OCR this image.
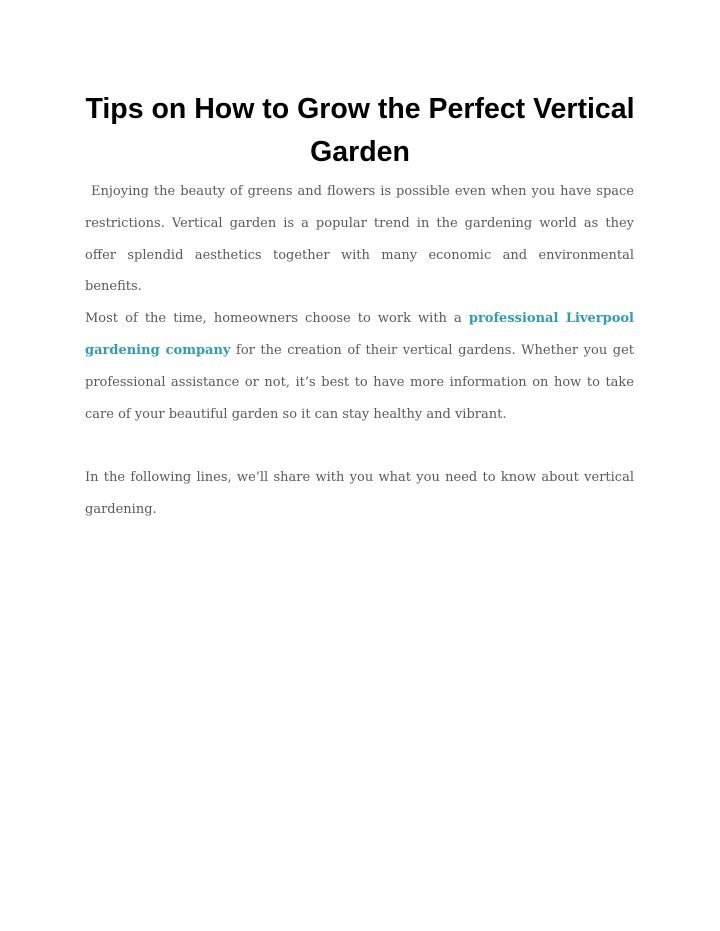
Tips on How to Grow the Perfect Vertical Garden

Enjoying the beauty of greens and flowers is possible even when you have space restrictions. Vertical garden is a popular trend in the gardening world as they offer splendid aesthetics together with many economic and environmental benefits.

Most of the time, homeowners choose to work with a professional Liverpool gardening company for the creation of their vertical gardens. Whether you get professional assistance or not, it’s best to have more information on how to take care of your beautiful garden so it can stay healthy and vibrant.

In the following lines, we’ll share with you what you need to know about vertical gardening.
